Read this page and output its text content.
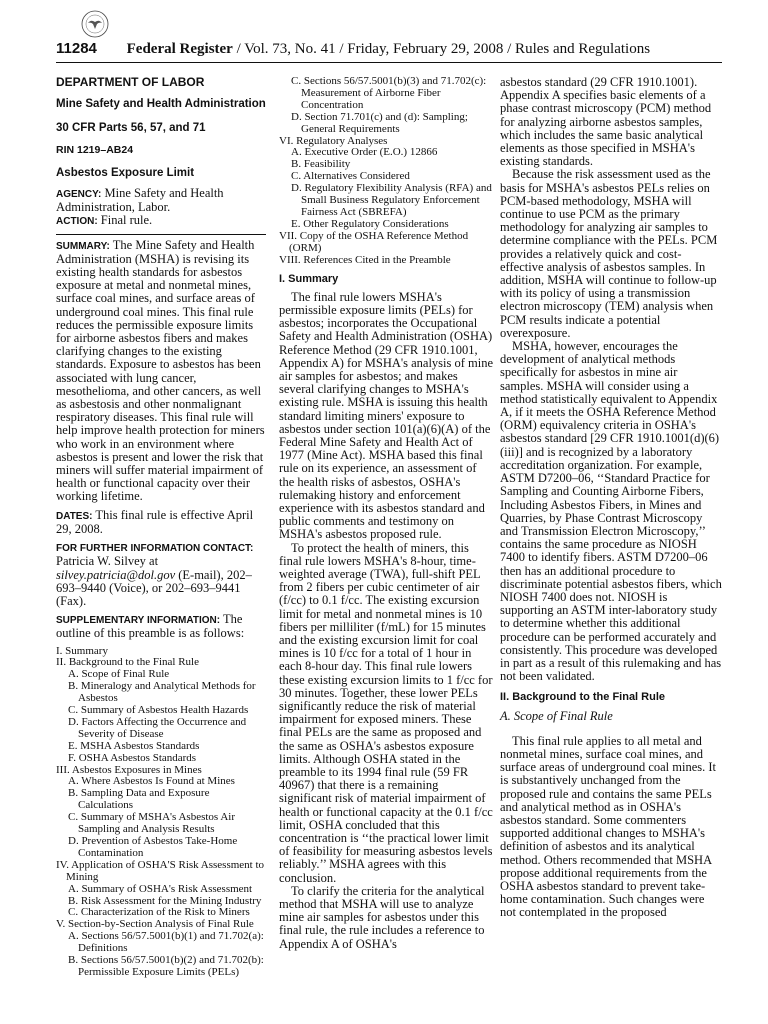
11284 Federal Register / Vol. 73, No. 41 / Friday, February 29, 2008 / Rules and Regulations
DEPARTMENT OF LABOR
Mine Safety and Health Administration
30 CFR Parts 56, 57, and 71
RIN 1219–AB24
Asbestos Exposure Limit

AGENCY: Mine Safety and Health Administration, Labor.
ACTION: Final rule.

SUMMARY: The Mine Safety and Health Administration (MSHA) is revising its existing health standards for asbestos exposure at metal and nonmetal mines, surface coal mines, and surface areas of underground coal mines. This final rule reduces the permissible exposure limits for airborne asbestos fibers and makes clarifying changes to the existing standards. Exposure to asbestos has been associated with lung cancer, mesothelioma, and other cancers, as well as asbestosis and other nonmalignant respiratory diseases. This final rule will help improve health protection for miners who work in an environment where asbestos is present and lower the risk that miners will suffer material impairment of health or functional capacity over their working lifetime.

DATES: This final rule is effective April 29, 2008.

FOR FURTHER INFORMATION CONTACT:
Patricia W. Silvey at
silvey.patricia@dol.gov (E-mail), 202–693–9440 (Voice), or 202–693–9441 (Fax).

SUPPLEMENTARY INFORMATION: The outline of this preamble is as follows:

I. Summary
II. Background to the Final Rule
A. Scope of Final Rule
B. Mineralogy and Analytical Methods for Asbestos
C. Summary of Asbestos Health Hazards
D. Factors Affecting the Occurrence and Severity of Disease
E. MSHA Asbestos Standards
F. OSHA Asbestos Standards
III. Asbestos Exposures in Mines
A. Where Asbestos Is Found at Mines
B. Sampling Data and Exposure Calculations
C. Summary of MSHA's Asbestos Air Sampling and Analysis Results
D. Prevention of Asbestos Take-Home Contamination
IV. Application of OSHA'S Risk Assessment to Mining
A. Summary of OSHA's Risk Assessment
B. Risk Assessment for the Mining Industry
C. Characterization of the Risk to Miners
V. Section-by-Section Analysis of Final Rule
A. Sections 56/57.5001(b)(1) and 71.702(a): Definitions
B. Sections 56/57.5001(b)(2) and 71.702(b): Permissible Exposure Limits (PELs)
C. Sections 56/57.5001(b)(3) and 71.702(c): Measurement of Airborne Fiber Concentration
D. Section 71.701(c) and (d): Sampling; General Requirements
VI. Regulatory Analyses
A. Executive Order (E.O.) 12866
B. Feasibility
C. Alternatives Considered
D. Regulatory Flexibility Analysis (RFA) and Small Business Regulatory Enforcement Fairness Act (SBREFA)
E. Other Regulatory Considerations
VII. Copy of the OSHA Reference Method (ORM)
VIII. References Cited in the Preamble
I. Summary

The final rule lowers MSHA's permissible exposure limits (PELs) for asbestos; incorporates the Occupational Safety and Health Administration (OSHA) Reference Method (29 CFR 1910.1001, Appendix A) for MSHA's analysis of mine air samples for asbestos; and makes several clarifying changes to MSHA's existing rule. MSHA is issuing this health standard limiting miners' exposure to asbestos under section 101(a)(6)(A) of the Federal Mine Safety and Health Act of 1977 (Mine Act). MSHA based this final rule on its experience, an assessment of the health risks of asbestos, OSHA's rulemaking history and enforcement experience with its asbestos standard and public comments and testimony on MSHA's asbestos proposed rule.

To protect the health of miners, this final rule lowers MSHA's 8-hour, time-weighted average (TWA), full-shift PEL from 2 fibers per cubic centimeter of air (f/cc) to 0.1 f/cc. The existing excursion limit for metal and nonmetal mines is 10 fibers per milliliter (f/mL) for 15 minutes and the existing excursion limit for coal mines is 10 f/cc for a total of 1 hour in each 8-hour day. This final rule lowers these existing excursion limits to 1 f/cc for 30 minutes. Together, these lower PELs significantly reduce the risk of material impairment for exposed miners. These final PELs are the same as proposed and the same as OSHA's asbestos exposure limits. Although OSHA stated in the preamble to its 1994 final rule (59 FR 40967) that there is a remaining significant risk of material impairment of health or functional capacity at the 0.1 f/cc limit, OSHA concluded that this concentration is ‘‘the practical lower limit of feasibility for measuring asbestos levels reliably.’’ MSHA agrees with this conclusion.

To clarify the criteria for the analytical method that MSHA will use to analyze mine air samples for asbestos under this final rule, the rule includes a reference to Appendix A of OSHA's

asbestos standard (29 CFR 1910.1001). Appendix A specifies basic elements of a phase contrast microscopy (PCM) method for analyzing airborne asbestos samples, which includes the same basic analytical elements as those specified in MSHA's existing standards.

Because the risk assessment used as the basis for MSHA's asbestos PELs relies on PCM-based methodology, MSHA will continue to use PCM as the primary methodology for analyzing air samples to determine compliance with the PELs. PCM provides a relatively quick and cost-effective analysis of asbestos samples. In addition, MSHA will continue to follow-up with its policy of using a transmission electron microscopy (TEM) analysis when PCM results indicate a potential overexposure.

MSHA, however, encourages the development of analytical methods specifically for asbestos in mine air samples. MSHA will consider using a method statistically equivalent to Appendix A, if it meets the OSHA Reference Method (ORM) equivalency criteria in OSHA's asbestos standard [29 CFR 1910.1001(d)(6)(iii)] and is recognized by a laboratory accreditation organization. For example, ASTM D7200–06, ‘‘Standard Practice for Sampling and Counting Airborne Fibers, Including Asbestos Fibers, in Mines and Quarries, by Phase Contrast Microscopy and Transmission Electron Microscopy,’’ contains the same procedure as NIOSH 7400 to identify fibers. ASTM D7200–06 then has an additional procedure to discriminate potential asbestos fibers, which NIOSH 7400 does not. NIOSH is supporting an ASTM inter-laboratory study to determine whether this additional procedure can be performed accurately and consistently. This procedure was developed in part as a result of this rulemaking and has not been validated.

II. Background to the Final Rule
A. Scope of Final Rule

This final rule applies to all metal and nonmetal mines, surface coal mines, and surface areas of underground coal mines. It is substantively unchanged from the proposed rule and contains the same PELs and analytical method as in OSHA's asbestos standard. Some commenters supported additional changes to MSHA's definition of asbestos and its analytical method. Others recommended that MSHA propose additional requirements from the OSHA asbestos standard to prevent take-home contamination. Such changes were not contemplated in the proposed
